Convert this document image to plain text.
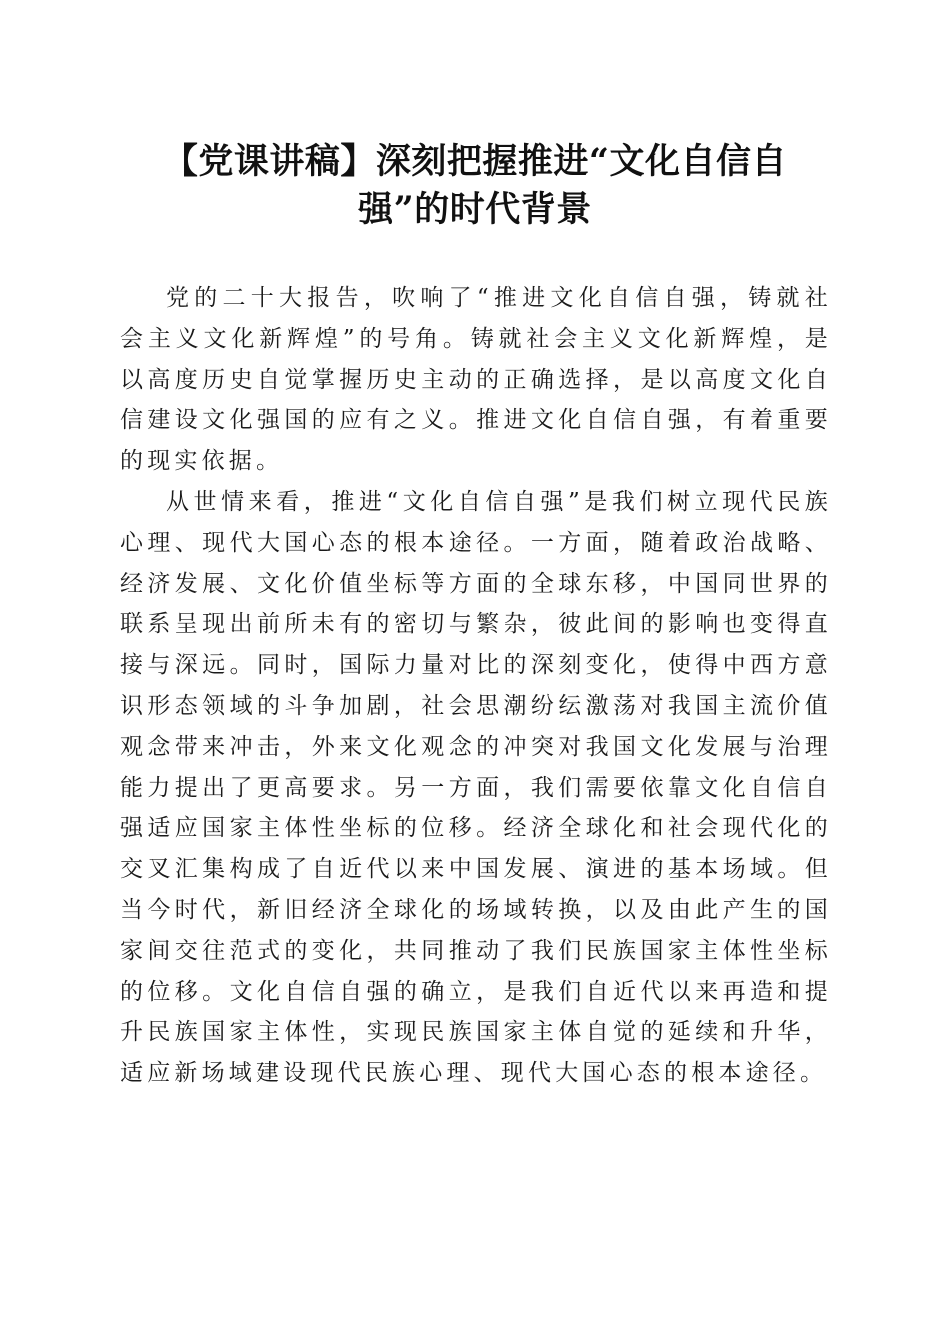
【党课讲稿】深刻把握推进“文化自信自
强”的时代背景

党的二十大报告，吹响了“推进文化自信自强，铸就社会主义文化新辉煌”的号角。铸就社会主义文化新辉煌，是以高度历史自觉掌握历史主动的正确选择，是以高度文化自信建设文化强国的应有之义。推进文化自信自强，有着重要的现实依据。

从世情来看，推进“文化自信自强”是我们树立现代民族心理、现代大国心态的根本途径。一方面，随着政治战略、经济发展、文化价值坐标等方面的全球东移，中国同世界的联系呈现出前所未有的密切与繁杂，彼此间的影响也变得直接与深远。同时，国际力量对比的深刻变化，使得中西方意识形态领域的斗争加剧，社会思潮纷纭激荡对我国主流价值观念带来冲击，外来文化观念的冲突对我国文化发展与治理能力提出了更高要求。另一方面，我们需要依靠文化自信自强适应国家主体性坐标的位移。经济全球化和社会现代化的交叉汇集构成了自近代以来中国发展、演进的基本场域。但当今时代，新旧经济全球化的场域转换，以及由此产生的国家间交往范式的变化，共同推动了我们民族国家主体性坐标的位移。文化自信自强的确立，是我们自近代以来再造和提升民族国家主体性，实现民族国家主体自觉的延续和升华，适应新场域建设现代民族心理、现代大国心态的根本途径。
